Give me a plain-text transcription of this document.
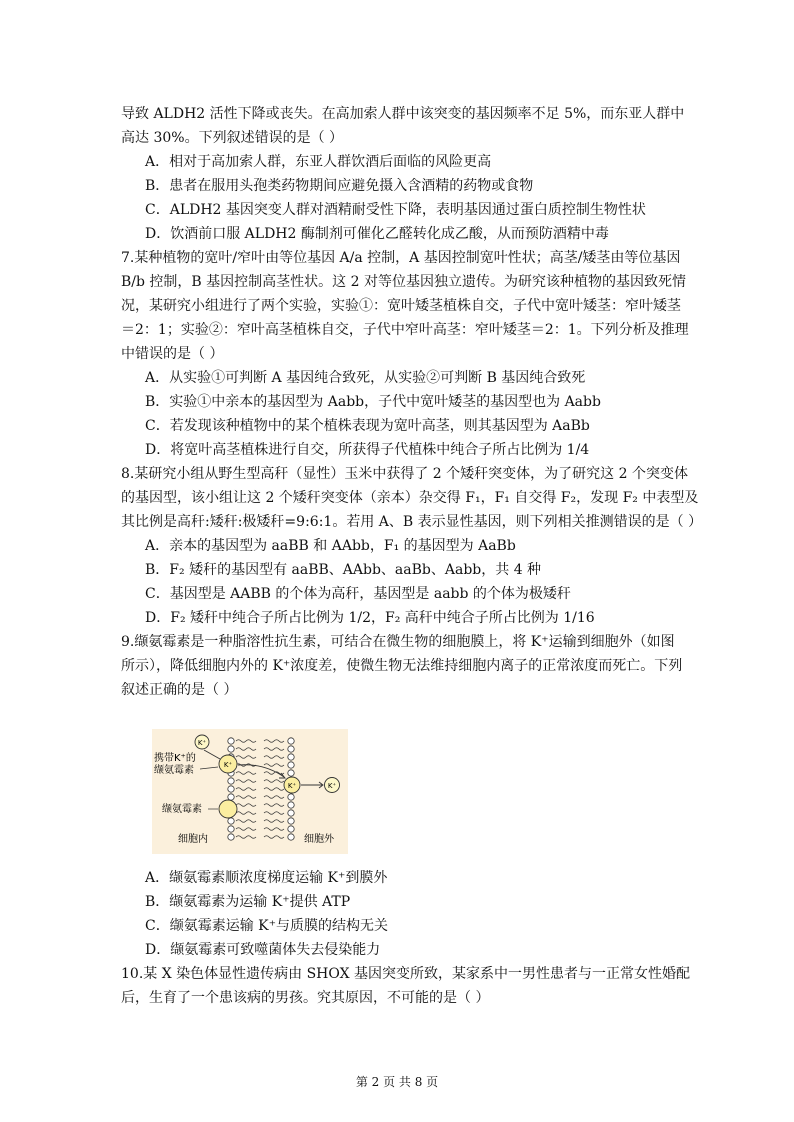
导致 ALDH2 活性下降或丧失。在高加索人群中该突变的基因频率不足 5%，而东亚人群中
高达 30%。下列叙述错误的是（ ）
A．相对于高加索人群，东亚人群饮酒后面临的风险更高
B．患者在服用头孢类药物期间应避免摄入含酒精的药物或食物
C．ALDH2 基因突变人群对酒精耐受性下降，表明基因通过蛋白质控制生物性状
D．饮酒前口服 ALDH2 酶制剂可催化乙醛转化成乙酸，从而预防酒精中毒
7.某种植物的宽叶/窄叶由等位基因 A/a 控制，A 基因控制宽叶性状；高茎/矮茎由等位基因
B/b 控制，B 基因控制高茎性状。这 2 对等位基因独立遗传。为研究该种植物的基因致死情
况，某研究小组进行了两个实验，实验①：宽叶矮茎植株自交，子代中宽叶矮茎：窄叶矮茎
＝2：1；实验②：窄叶高茎植株自交，子代中窄叶高茎：窄叶矮茎＝2：1。下列分析及推理
中错误的是（ ）
A．从实验①可判断 A 基因纯合致死，从实验②可判断 B 基因纯合致死
B．实验①中亲本的基因型为 Aabb，子代中宽叶矮茎的基因型也为 Aabb
C．若发现该种植物中的某个植株表现为宽叶高茎，则其基因型为 AaBb
D．将宽叶高茎植株进行自交，所获得子代植株中纯合子所占比例为 1/4
8.某研究小组从野生型高秆（显性）玉米中获得了 2 个矮秆突变体，为了研究这 2 个突变体
的基因型，该小组让这 2 个矮秆突变体（亲本）杂交得 F₁，F₁ 自交得 F₂，发现 F₂ 中表型及
其比例是高秆:矮秆:极矮秆=9:6:1。若用 A、B 表示显性基因，则下列相关推测错误的是（ ）
A．亲本的基因型为 aaBB 和 AAbb，F₁ 的基因型为 AaBb
B．F₂ 矮秆的基因型有 aaBB、AAbb、aaBb、Aabb，共 4 种
C．基因型是 AABB 的个体为高秆，基因型是 aabb 的个体为极矮秆
D．F₂ 矮秆中纯合子所占比例为 1/2，F₂ 高秆中纯合子所占比例为 1/16
9.缬氨霉素是一种脂溶性抗生素，可结合在微生物的细胞膜上，将 K⁺运输到细胞外（如图
所示），降低细胞内外的 K⁺浓度差，使微生物无法维持细胞内离子的正常浓度而死亡。下列
叙述正确的是（ ）
K⁺
K⁺
K⁺	K⁺
携带K⁺的
缬氨霉素
缬氨霉素
细胞内	细胞外
A．缬氨霉素顺浓度梯度运输 K⁺到膜外
B．缬氨霉素为运输 K⁺提供 ATP
C．缬氨霉素运输 K⁺与质膜的结构无关
D．缬氨霉素可致噬菌体失去侵染能力
10.某 X 染色体显性遗传病由 SHOX 基因突变所致，某家系中一男性患者与一正常女性婚配
后，生育了一个患该病的男孩。究其原因，不可能的是（ ）
第 2 页 共 8 页
